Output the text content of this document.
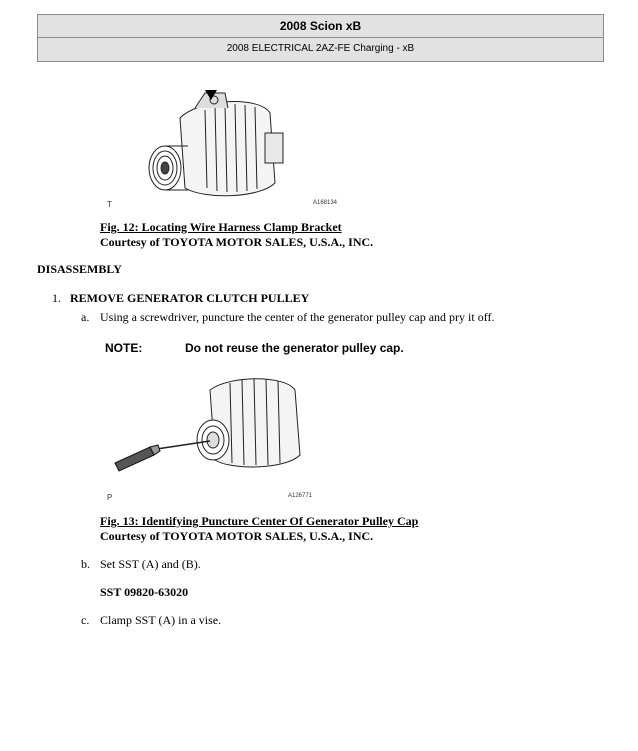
2008 Scion xB
2008 ELECTRICAL 2AZ-FE Charging - xB
T	A168134
Fig. 12: Locating Wire Harness Clamp Bracket
Courtesy of TOYOTA MOTOR SALES, U.S.A., INC.
DISASSEMBLY
1. REMOVE GENERATOR CLUTCH PULLEY
a. Using a screwdriver, puncture the center of the generator pulley cap and pry it off.
NOTE:	Do not reuse the generator pulley cap.
P	A126771
Fig. 13: Identifying Puncture Center Of Generator Pulley Cap
Courtesy of TOYOTA MOTOR SALES, U.S.A., INC.
b. Set SST (A) and (B).
SST 09820-63020
c. Clamp SST (A) in a vise.
